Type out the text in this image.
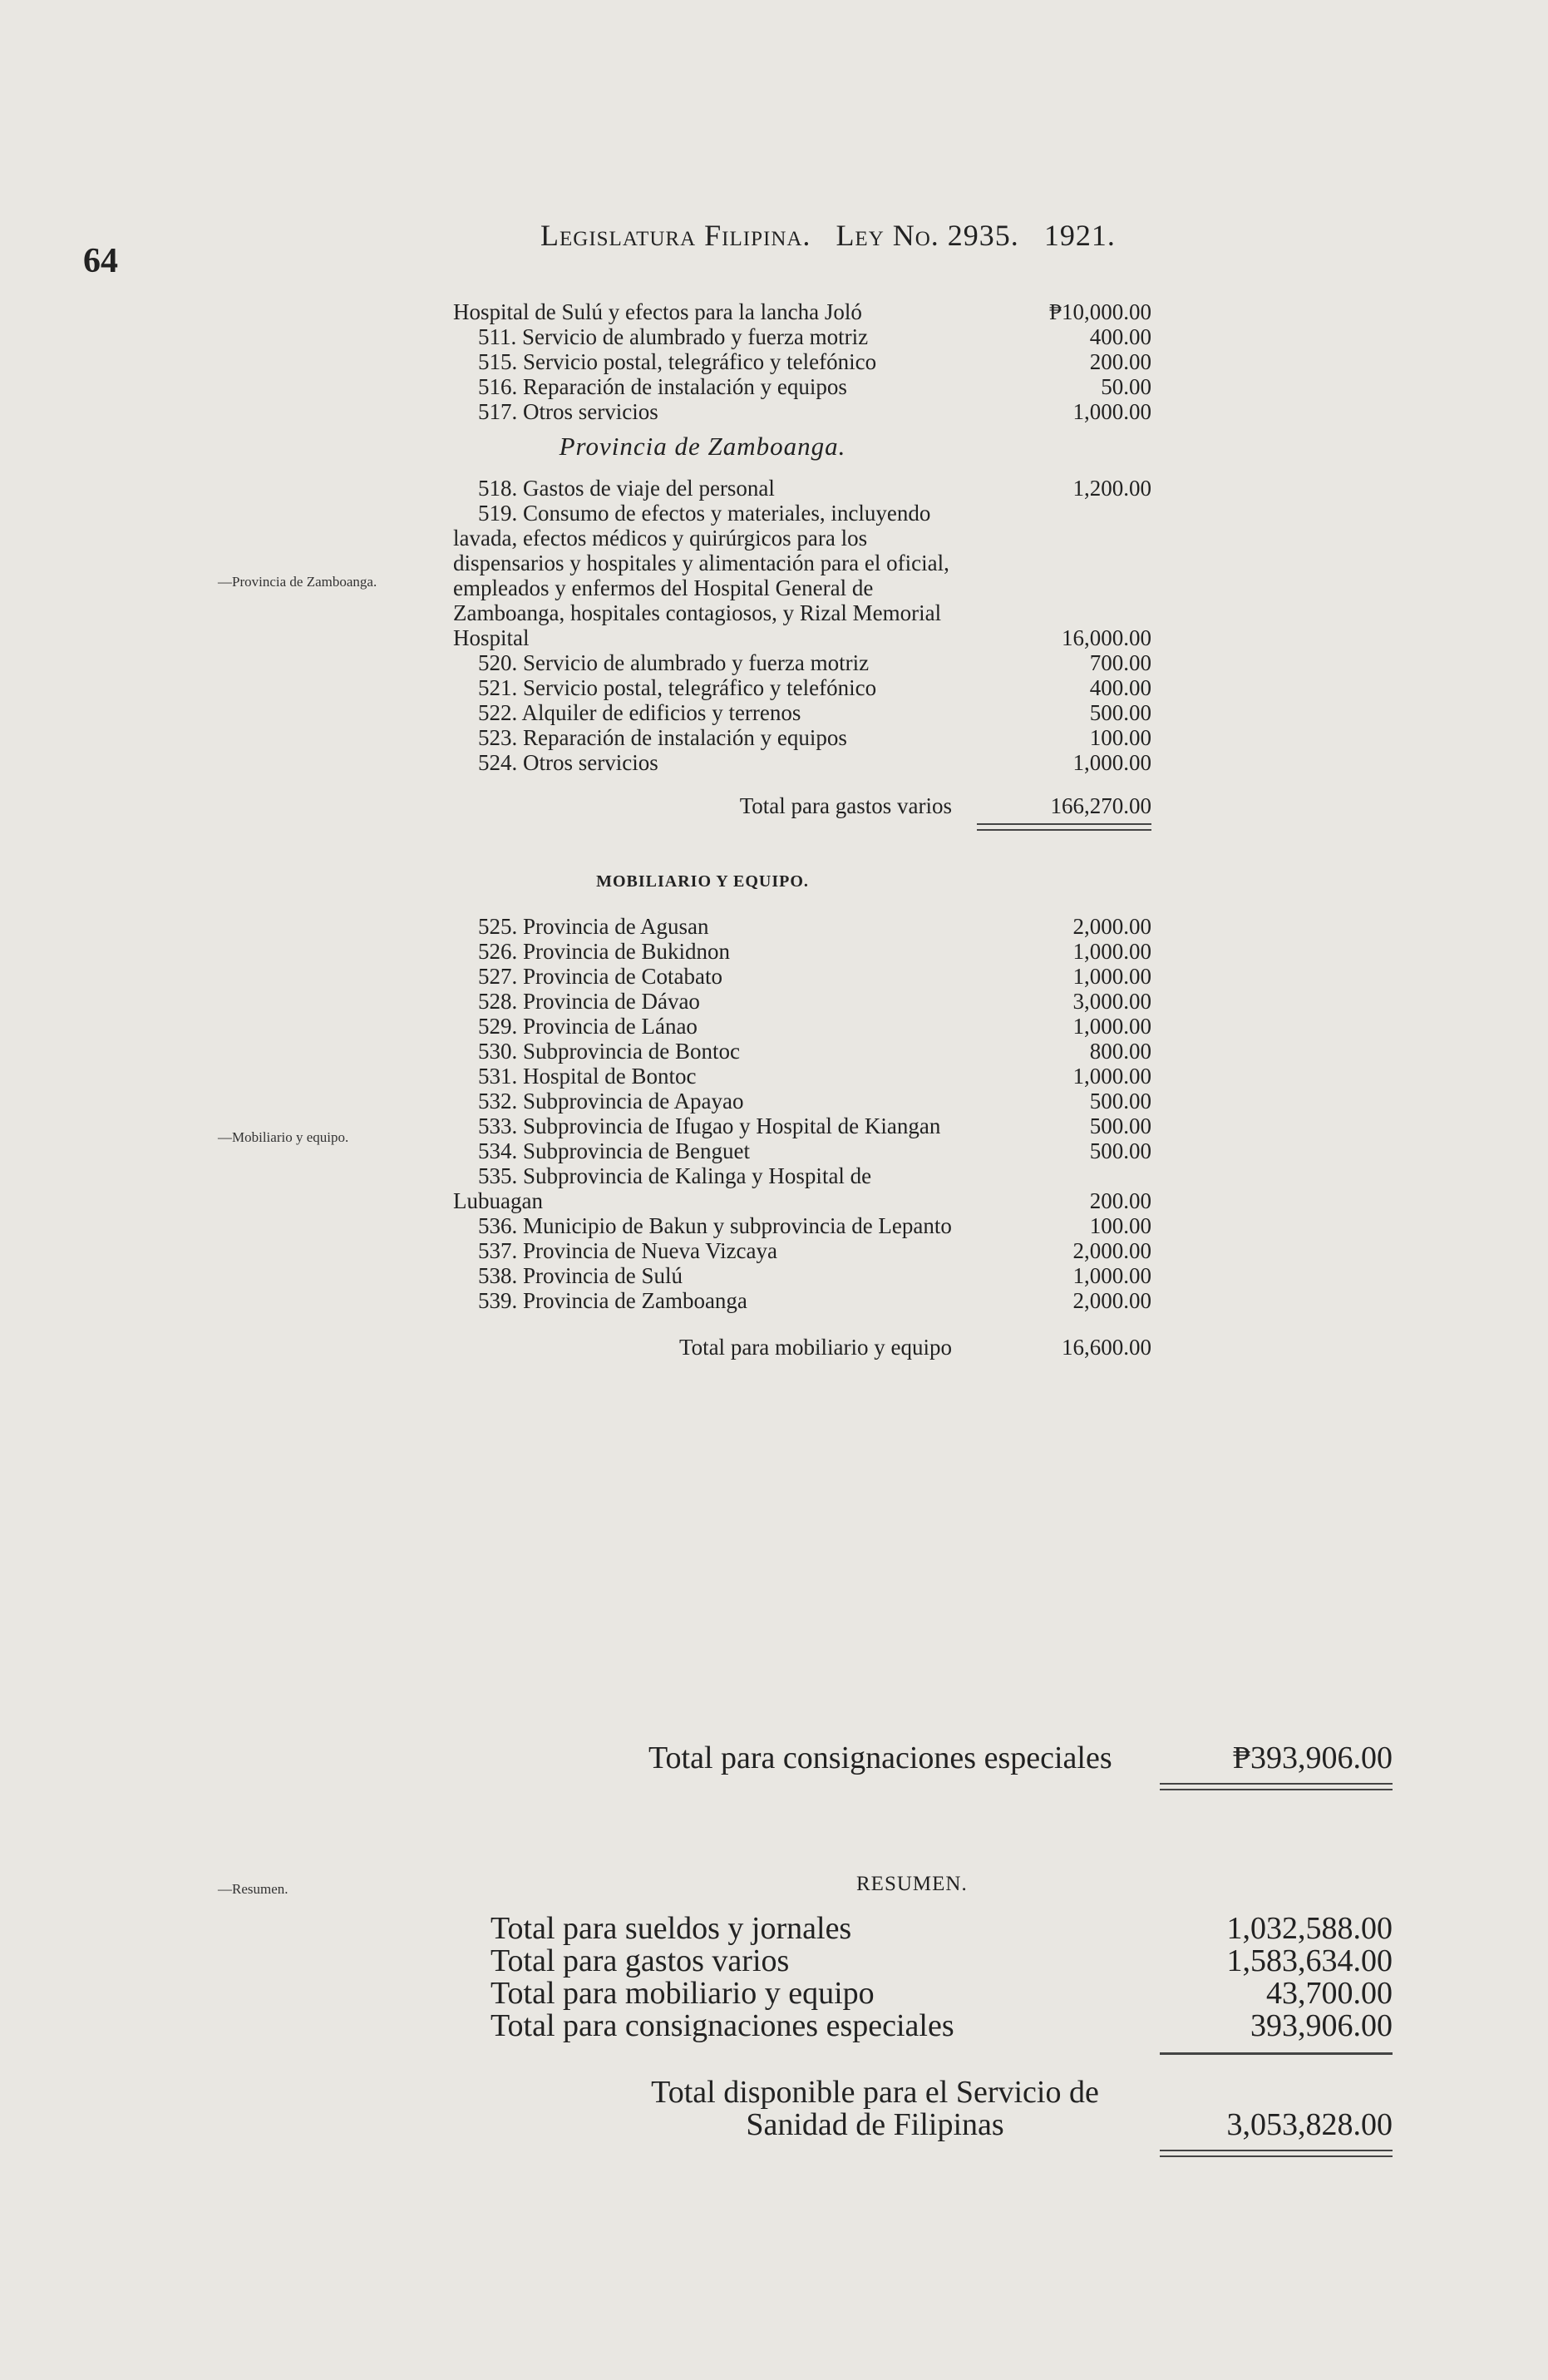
64
Legislatura Filipina. Ley No. 2935. 1921.
—Provincia de Zamboanga.
—Mobiliario y equipo.
—Resumen.
Hospital de Sulú y efectos para la lancha Joló	₱10,000.00
511. Servicio de alumbrado y fuerza motriz	400.00
515. Servicio postal, telegráfico y telefónico	200.00
516. Reparación de instalación y equipos	50.00
517. Otros servicios	1,000.00
Provincia de Zamboanga.
518. Gastos de viaje del personal	1,200.00
519. Consumo de efectos y materiales, incluyendo lavada, efectos médicos y quirúrgicos para los dispensarios y hospitales y alimentación para el oficial, empleados y enfermos del Hospital General de Zamboanga, hospitales contagiosos, y Rizal Memorial Hospital	16,000.00
520. Servicio de alumbrado y fuerza motriz	700.00
521. Servicio postal, telegráfico y telefónico	400.00
522. Alquiler de edificios y terrenos	500.00
523. Reparación de instalación y equipos	100.00
524. Otros servicios	1,000.00
Total para gastos varios	166,270.00
MOBILIARIO Y EQUIPO.
525. Provincia de Agusan	2,000.00
526. Provincia de Bukidnon	1,000.00
527. Provincia de Cotabato	1,000.00
528. Provincia de Dávao	3,000.00
529. Provincia de Lánao	1,000.00
530. Subprovincia de Bontoc	800.00
531. Hospital de Bontoc	1,000.00
532. Subprovincia de Apayao	500.00
533. Subprovincia de Ifugao y Hospital de Kiangan	500.00
534. Subprovincia de Benguet	500.00
535. Subprovincia de Kalinga y Hospital de Lubuagan	200.00
536. Municipio de Bakun y subprovincia de Lepanto	100.00
537. Provincia de Nueva Vizcaya	2,000.00
538. Provincia de Sulú	1,000.00
539. Provincia de Zamboanga	2,000.00
Total para mobiliario y equipo	16,600.00
Total para consignaciones especiales	₱393,906.00
RESUMEN.
Total para sueldos y jornales	1,032,588.00
Total para gastos varios	1,583,634.00
Total para mobiliario y equipo	43,700.00
Total para consignaciones especiales	393,906.00
Total disponible para el Servicio de Sanidad de Filipinas	3,053,828.00
